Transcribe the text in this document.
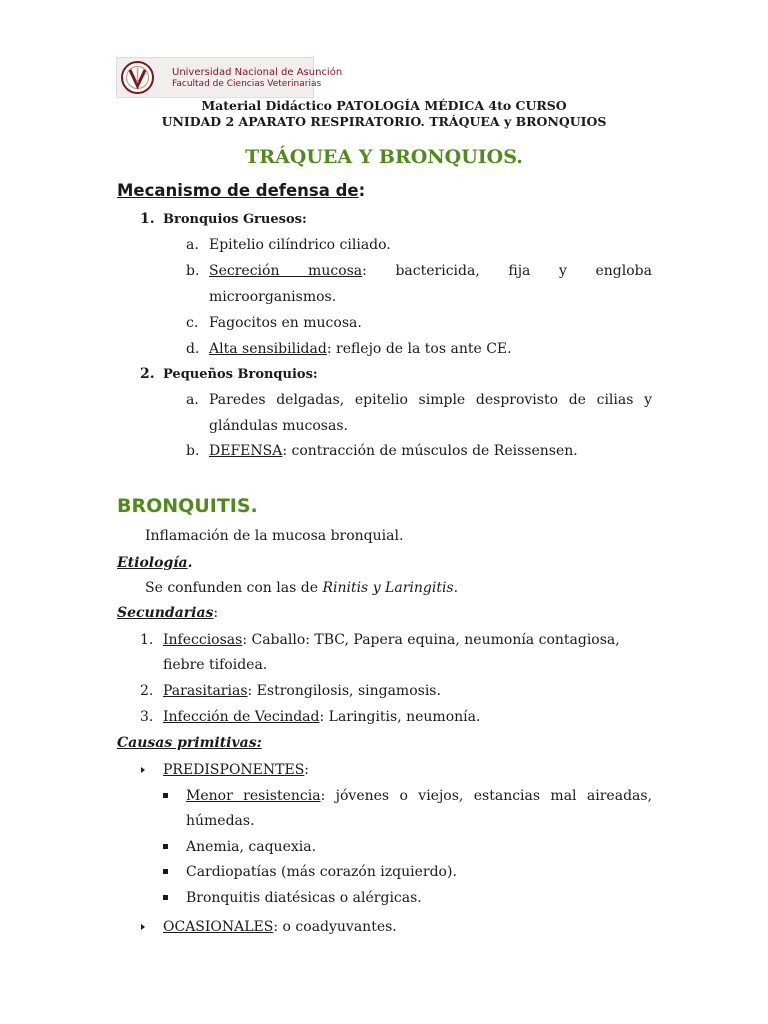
Universidad Nacional de Asunción
Facultad de Ciencias Veterinarias
Material Didáctico PATOLOGÍA MÉDICA 4to CURSO
UNIDAD 2 APARATO RESPIRATORIO. TRÁQUEA y BRONQUIOS
TRÁQUEA Y BRONQUIOS.
Mecanismo de defensa de:
1. Bronquios Gruesos:
a. Epitelio cilíndrico ciliado.
b. Secreción mucosa: bactericida, fija y engloba
microorganismos.
c. Fagocitos en mucosa.
d. Alta sensibilidad: reflejo de la tos ante CE.
2. Pequeños Bronquios:
a. Paredes delgadas, epitelio simple desprovisto de cilias y
glándulas mucosas.
b. DEFENSA: contracción de músculos de Reissensen.
BRONQUITIS.
Inflamación de la mucosa bronquial.
Etiología.
Se confunden con las de Rinitis y Laringitis.
Secundarias:
1. Infecciosas: Caballo: TBC, Papera equina, neumonía contagiosa,
fiebre tifoidea.
2. Parasitarias: Estrongilosis, singamosis.
3. Infección de Vecindad: Laringitis, neumonía.
Causas primitivas:
PREDISPONENTES:
Menor resistencia: jóvenes o viejos, estancias mal aireadas,
húmedas.
Anemia, caquexia.
Cardiopatías (más corazón izquierdo).
Bronquitis diatésicas o alérgicas.
OCASIONALES: o coadyuvantes.
